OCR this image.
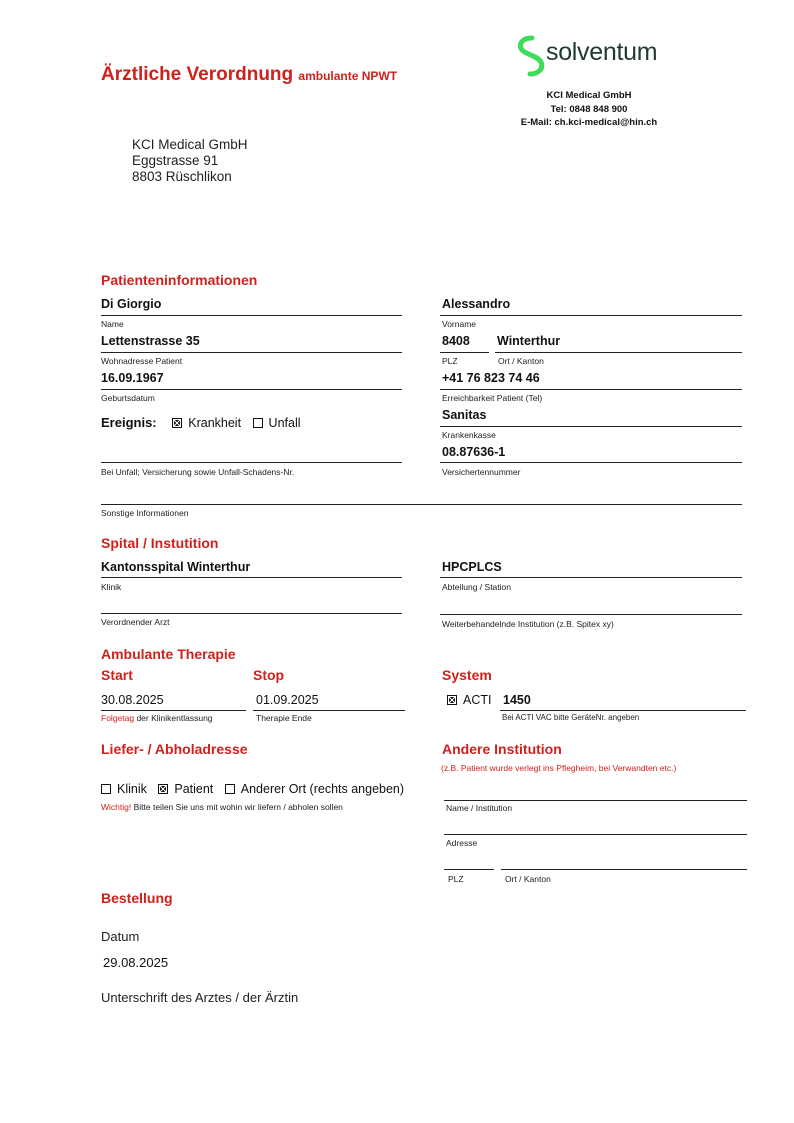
Ärztliche Verordnung ambulante NPWT
solventum
KCI Medical GmbH
Tel: 0848 848 900
E-Mail: ch.kci-medical@hin.ch
KCI Medical GmbH
Eggstrasse 91
8803 Rüschlikon
Patienteninformationen
Di Giorgio
Name
Alessandro
Vorname
Lettenstrasse 35
Wohnadresse Patient
8408
PLZ
Winterthur
Ort / Kanton
16.09.1967
Geburtsdatum
+41 76 823 74 46
Erreichbarkeit Patient (Tel)
Ereignis:	Krankheit Unfall
Sanitas
Krankenkasse
Bei Unfall; Versicherung sowie Unfall-Schadens-Nr.
08.87636-1
Versichertennummer
Sonstige Informationen
Spital / Instutition
Kantonsspital Winterthur
Klinik
HPCPLCS
Abteilung / Station
Verordnender Arzt	Weiterbehandelnde Institution (z.B. Spitex xy)
Ambulante Therapie
Start
30.08.2025
Folgetag der Klinikentlassung
Stop
01.09.2025
Therapie Ende
System
ACTI 1450
Bei ACTI VAC bitte GeräteNr. angeben
Liefer- / Abholadresse
Klinik Patient Anderer Ort (rechts angeben)
Wichtig! Bitte teilen Sie uns mit wohin wir liefern / abholen sollen
Andere Institution
(z.B. Patient wurde verlegt ins Pflegheim, bei Verwandten etc.)
Name / Institution
Adresse
PLZ	Ort / Kanton
Bestellung
Datum
29.08.2025
Unterschrift des Arztes / der Ärztin
